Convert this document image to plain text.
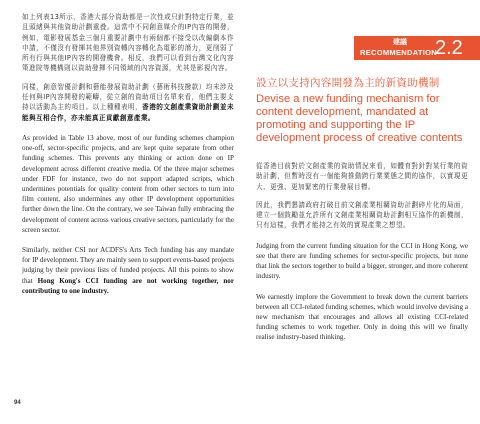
如上列表13所示，香港大部分資助都是一次性或只針對特定行業，並且頭緒與其他資助計劃重叠。這當中不同創意媒介的IP內容的開發，例如，電影發展基金三個月重要計劃中有兩個都不接受以改編劇本作申請，不僅沒有發揮其他界別資轉內容轉化為電影的潛力，更削弱了所有行與其他IP內容的開發機會。相反，我們可以看到台灣文化內容策進院等機構則以資助發揮不同領域的內容資源，尤其是影視內容。

同樣，創意智優計劃和藝能發展資助計劃（藝術科技撥款）均未涉及任何與IP內容開發的範疇，從立創的資助項目名單來看，他們主要支持以活動為主的項目。以上種種表明，香港的文創產業資助計劃並未能與互相合作，亦未能真正貢獻創意產業。

As provided in Table 13 above, most of our funding schemes champion one-off, sector-specific projects, and are kept quite separate from other funding schemes. This prevents any thinking or action done on IP development across different creative media. Of the three major schemes under FDF for instance, two do not support adapted scripts, which undermines potentials for quality content from other sectors to turn into film content, also undermines any other IP development opportunities further down the line. On the contrary, we see Taiwan fully embracing the development of content across various creative sectors, particularly for the screen sector.

Similarly, neither CSI nor ACDFS's Arts Tech funding has any mandate for IP development. They are mainly seen to support events-based projects judging by their previous lists of funded projects. All this points to show that Hong Kong's CCI funding are not working together, nor contributing to one industry.

建議
RECOMMENDATION
2.2
設立以支持內容開發為主的新資助機制
Devise a new funding mechanism for content development, mandated at promoting and supporting the IP development process of creative contents

從香港目前對於文創產業的資助情況來看，如體育對針對某行業的資助計劃，但暫時沒有一個能夠推動跨行業業態之間的協作，以實現更大、更強、更加緊密的行業發展目標。

因此，我們懇請政府打破目前文創產業相關資助計劃碎片化的局面，建立一個鼓勵並允許所有文創產業相關資助計劃相互協作的新機制，只有這樣，我們才能持之有效的實現產業之想望。

Judging from the current funding situation for the CCI in Hong Kong, we see that there are funding schemes for sector-specific projects, but none that link the sectors together to build a bigger, stronger, and more coherent industry.

We earnestly implore the Government to break down the current barriers between all CCI-related funding schemes, which would involve devising a new mechanism that encourages and allows all existing CCI-related funding schemes to work together. Only in doing this will we finally realise industry-based thinking.

94
